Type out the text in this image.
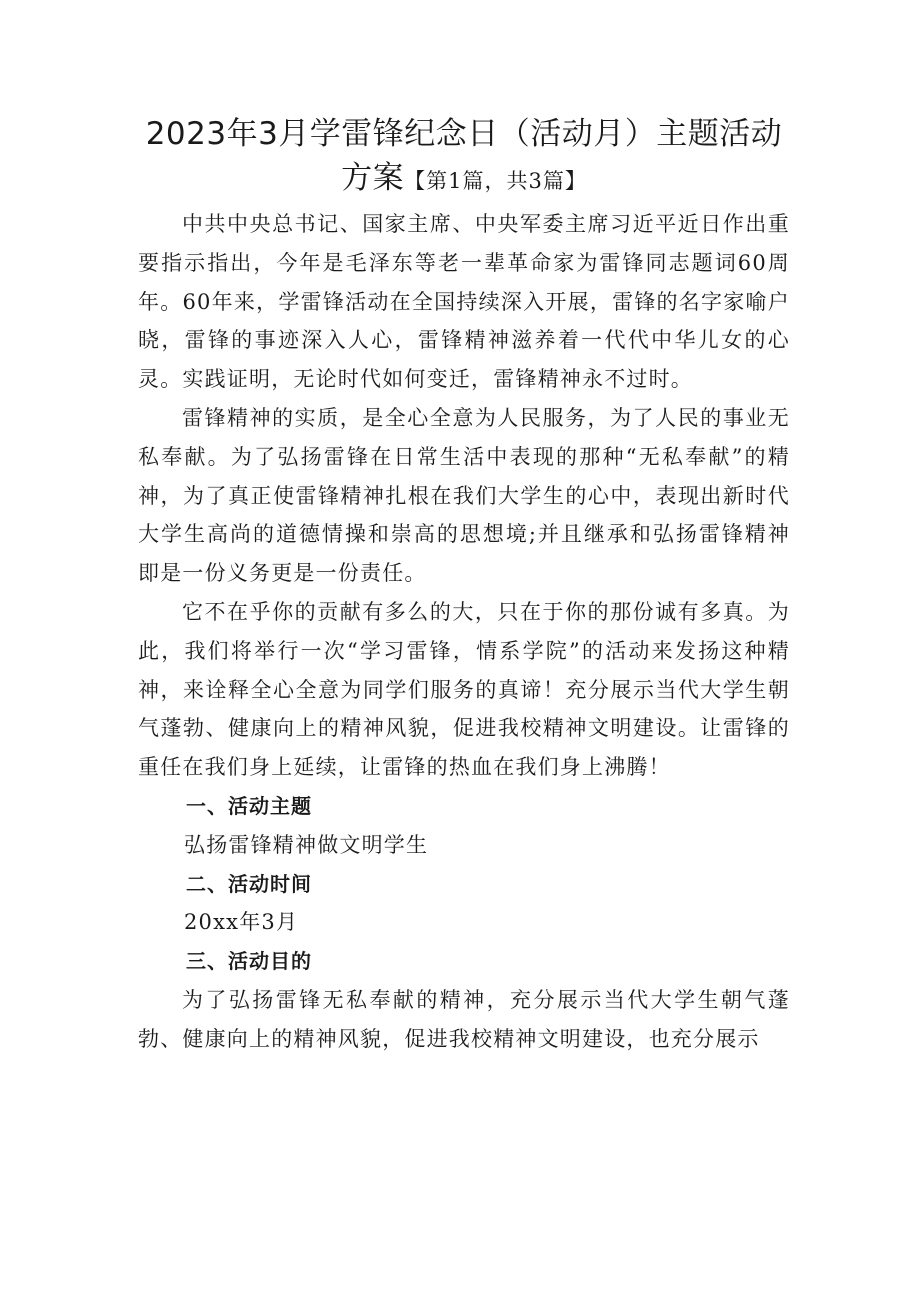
2023年3月学雷锋纪念日（活动月）主题活动方案【第1篇，共3篇】

中共中央总书记、国家主席、中央军委主席习近平近日作出重要指示指出，今年是毛泽东等老一辈革命家为雷锋同志题词60周年。60年来，学雷锋活动在全国持续深入开展，雷锋的名字家喻户晓，雷锋的事迹深入人心，雷锋精神滋养着一代代中华儿女的心灵。实践证明，无论时代如何变迁，雷锋精神永不过时。

雷锋精神的实质，是全心全意为人民服务，为了人民的事业无私奉献。为了弘扬雷锋在日常生活中表现的那种“无私奉献”的精神，为了真正使雷锋精神扎根在我们大学生的心中，表现出新时代大学生高尚的道德情操和崇高的思想境;并且继承和弘扬雷锋精神即是一份义务更是一份责任。

它不在乎你的贡献有多么的大，只在于你的那份诚有多真。为此，我们将举行一次“学习雷锋，情系学院”的活动来发扬这种精神，来诠释全心全意为同学们服务的真谛！充分展示当代大学生朝气蓬勃、健康向上的精神风貌，促进我校精神文明建设。让雷锋的重任在我们身上延续，让雷锋的热血在我们身上沸腾！

一、活动主题

弘扬雷锋精神做文明学生

二、活动时间

20xx年3月

三、活动目的

为了弘扬雷锋无私奉献的精神，充分展示当代大学生朝气蓬勃、健康向上的精神风貌，促进我校精神文明建设，也充分展示
